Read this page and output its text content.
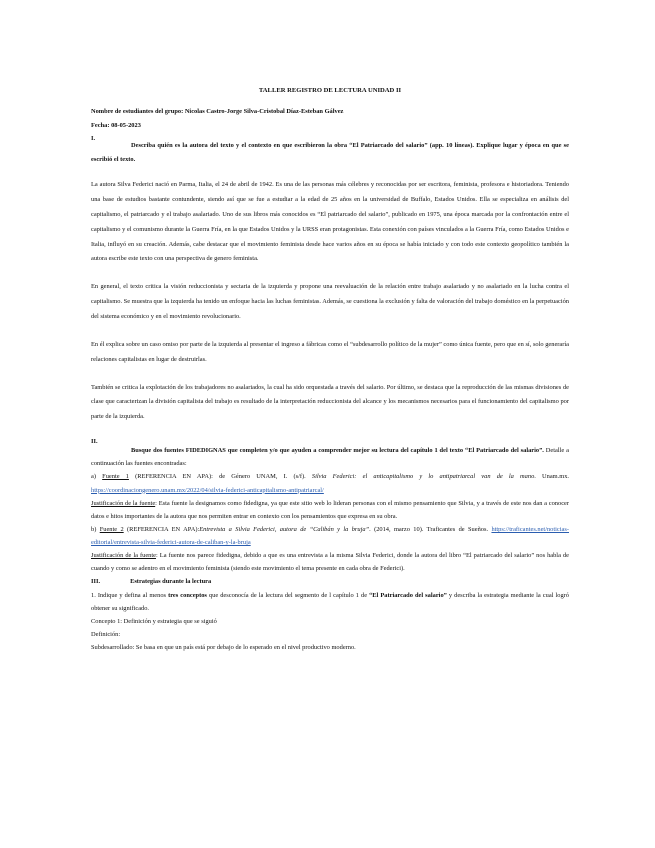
TALLER REGISTRO DE LECTURA UNIDAD II

Nombre de estudiantes del grupo: Nicolas Castro-Jorge Silva-Cristobal Díaz-Esteban Gálvez

Fecha: 08-05-2023

I.

Describa quién es la autora del texto y el contexto en que escribieron la obra “El Patriarcado del salario” (app. 10 líneas). Explique lugar y época en que se escribió el texto.

La autora Silva Federici nació en Parma, Italia, el 24 de abril de 1942. Es una de las personas más célebres y reconocidas por ser escritora, feminista, profesora e historiadora. Teniendo una base de estudios bastante contundente, siendo así que se fue a estudiar a la edad de 25 años en la universidad de Buffalo, Estados Unidos. Ella se especializa en análisis del capitalismo, el patriarcado y el trabajo asalariado. Uno de sus libros más conocidos es “El patriarcado del salario”, publicado en 1975, una época marcada por la confrontación entre el capitalismo y el comunismo durante la Guerra Fría, en la que Estados Unidos y la URSS eran protagonistas. Esta conexión con países vinculados a la Guerra Fría, como Estados Unidos e Italia, influyó en su creación. Además, cabe destacar que el movimiento feminista desde hace varios años en su época se había iniciado y con todo este contexto geopolítico también la autora escribe este texto con una perspectiva de genero feminista.

En general, el texto critica la visión reduccionista y sectaria de la izquierda y propone una reevaluación de la relación entre trabajo asalariado y no asalariado en la lucha contra el capitalismo. Se muestra que la izquierda ha tenido un enfoque hacia las luchas feministas. Además, se cuestiona la exclusión y falta de valoración del trabajo doméstico en la perpetuación del sistema económico y en el movimiento revolucionario.

En él explica sobre un caso omiso por parte de la izquierda al presentar el ingreso a fábricas como el “subdesarrollo político de la mujer” como única fuente, pero que en sí, solo generaría relaciones capitalistas en lugar de destruirlas.

También se critica la explotación de los trabajadores no asalariados, la cual ha sido orquestada a través del salario. Por último, se destaca que la reproducción de las mismas divisiones de clase que caracterizan la división capitalista del trabajo es resultado de la interpretación reduccionista del alcance y los mecanismos necesarios para el funcionamiento del capitalismo por parte de la izquierda.

II.

Busque dos fuentes FIDEDIGNAS que completen y/o que ayuden a comprender mejor su lectura del capítulo 1 del texto “El Patriarcado del salario”. Detalle a continuación las fuentes encontradas:

a) Fuente 1 (REFERENCIA EN APA): de Género UNAM, I. (s/f). Silvia Federici: el anticapitalismo y lo antipatriarcal van de la mano. Unam.mx. https://coordinaciongenero.unam.mx/2022/04/silvia-federici-anticapitalismo-antipatriarcal/

Justificación de la fuente: Esta fuente la designamos como fidedigna, ya que este sitio web lo lideran personas con el mismo pensamiento que Silvia, y a través de este nos dan a conocer datos e hitos importantes de la autora que nos permiten entrar en contexto con los pensamientos que expresa en su obra.

b) Fuente 2 (REFERENCIA EN APA):Entrevista a Silvia Federici, autora de “Calibán y la bruja”. (2014, marzo 10). Traficantes de Sueños. https://traficantes.net/noticias-editorial/entrevista-silvia-federici-autora-de-caliban-y-la-bruja

Justificación de la fuente: La fuente nos parece fidedigna, debido a que es una entrevista a la misma Silvia Federici, donde la autora del libro “El patriarcado del salario” nos habla de cuando y como se adentro en el movimiento feminista (siendo este movimiento el tema presente en cada obra de Federici).

III.	Estrategias durante la lectura

1. Indique y defina al menos tres conceptos que desconocía de la lectura del segmento de l capítulo 1 de “El Patriarcado del salario” y describa la estrategia mediante la cual logró obtener su significado.

Concepto 1: Definición y estrategia que se siguió

Definición:

Subdesarrollado: Se basa en que un país está por debajo de lo esperado en el nivel productivo moderno.
